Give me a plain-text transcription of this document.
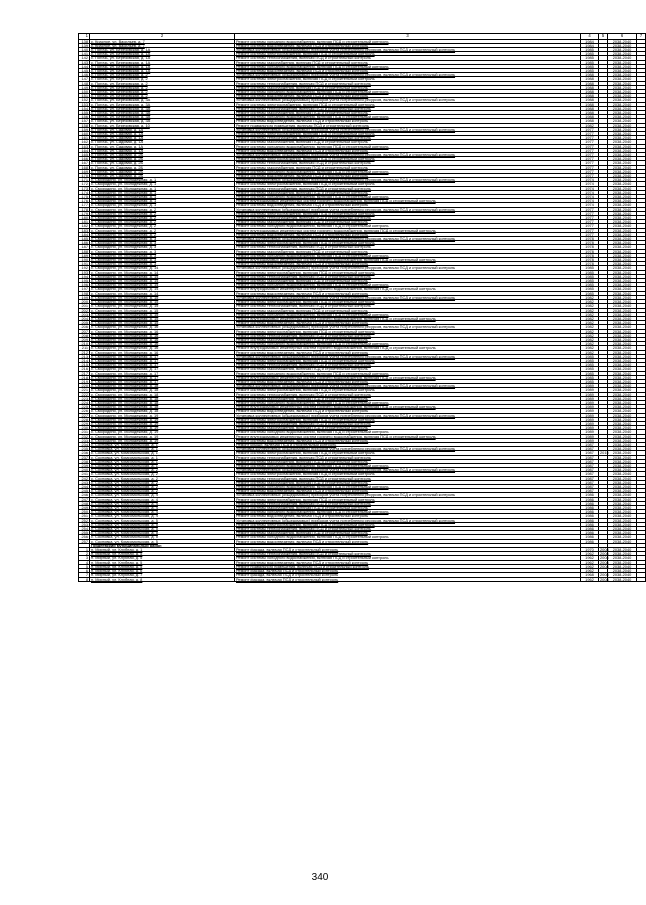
1	2	3	4	5	6	7
138	с. Красное, ул. Васильев, д. 7	Ремонт системы холодного водоснабжения, включая ПСД и строительный контроль	1984		2038-2040	
139	с. Красное, ул. Васильев, д. 7	Ремонт системы водоотведения, включая ПСД и строительный контроль	1984		2038-2040	
140	с. Погочь, ул. Березовская, д. 1А	Установка коллективных (общедомовых) приборов учета потребления ресурсов, включая ПСД и строительный контроль	1985		2038-2040	
141	с. Погочь, ул. Березовская, д. 1А	Ремонт системы электроснабжения, включая ПСД и строительный контроль	1985		2038-2040	
142	с. Погочь, ул. Березовская, д. 1А	Ремонт системы теплоснабжения, включая ПСД и строительный контроль	1985		2038-2040	
143	с. Погочь, ул. Березовская, д. 1А	Ремонт системы газоснабжения, включая ПСД и строительный контроль	1985		2038-2040	
144	с. Погочь, ул. Березовская, д. 1А	Ремонт системы холодного водоснабжения, включая ПСД и строительный контроль	1985		2038-2040	
145	с. Погочь, ул. Березовская, д. 1А	Ремонт системы водоотведения, включая ПСД и строительный контроль	1985		2038-2040	
146	с. Погочь, ул. Березовская, д. 2	Установка коллективных (общедомовых) приборов учета потребления ресурсов, включая ПСД и строительный контроль	1988		2038-2040	
147	с. Погочь, ул. Березовская, д. 2	Ремонт системы электроснабжения, включая ПСД и строительный контроль	1988		2038-2040	
148	с. Погочь, ул. Березовская, д. 2	Ремонт системы теплоснабжения, включая ПСД и строительный контроль	1988		2038-2040	
149	с. Погочь, ул. Березовская, д. 2	Ремонт системы газоснабжения, включая ПСД и строительный контроль	1988		2038-2040	
150	с. Погочь, ул. Березовская, д. 2	Ремонт системы холодного водоснабжения, включая ПСД и строительный контроль	1988		2038-2040	
151	с. Погочь, ул. Березовская, д. 2	Ремонт системы водоотведения, включая ПСД и строительный контроль	1988		2038-2040	
152	с. Погочь, ул. Березовская, д. 3А	Установка коллективных (общедомовых) приборов учета потребления ресурсов, включая ПСД и строительный контроль	1988		2038-2040	
153	с. Погочь, ул. Березовская, д. 3А	Ремонт системы электроснабжения, включая ПСД и строительный контроль	1988		2038-2040	
154	с. Погочь, ул. Березовская, д. 3А	Ремонт системы теплоснабжения, включая ПСД и строительный контроль	1988		2038-2040	
155	с. Погочь, ул. Березовская, д. 3А	Ремонт системы газоснабжения, включая ПСД и строительный контроль	1988		2038-2040	
156	с. Погочь, ул. Березовская, д. 3А	Ремонт системы холодного водоснабжения, включая ПСД и строительный контроль	1988		2038-2040	
157	с. Погочь, ул. Березовская, д. 3А	Ремонт системы водоотведения, включая ПСД и строительный контроль	1988		2038-2040	
158	с. Погочь, ул. Березовская, д. 10	Ремонт подвального помещения, включая ПСД и строительный контроль	1982		2038-2040	
159	с. Погочь, ул. Садовая, д. 1А	Установка коллективных (общедомовых) приборов учета потребления ресурсов, включая ПСД и строительный контроль	1977		2038-2040	
160	с. Погочь, ул. Садовая, д. 1А	Ремонт системы электроснабжения, включая ПСД и строительный контроль	1977		2038-2040	
161	с. Погочь, ул. Садовая, д. 1А	Ремонт системы теплоснабжения, включая ПСД и строительный контроль	1977		2038-2040	
162	с. Погочь, ул. Садовая, д. 1А	Ремонт системы газоснабжения, включая ПСД и строительный контроль	1977		2038-2040	
163	с. Погочь, ул. Садовая, д. 1А	Ремонт системы холодного водоснабжения, включая ПСД и строительный контроль	1977		2038-2040	
164	с. Погочь, ул. Садовая, д. 1А	Ремонт системы водоотведения, включая ПСД и строительный контроль	1977		2038-2040	
165	с. Погочь, ул. Садовая, д. 2Б	Установка коллективных (общедомовых) приборов учета потребления ресурсов, включая ПСД и строительный контроль	1977		2038-2040	
166	с. Погочь, ул. Садовая, д. 2Б	Ремонт системы электроснабжения, включая ПСД и строительный контроль	1977		2038-2040	
167	с. Погочь, ул. Садовая, д. 2Б	Ремонт системы теплоснабжения, включая ПСД и строительный контроль	1977		2038-2040	
168	с. Погочь, ул. Садовая, д. 2Б	Ремонт системы газоснабжения, включая ПСД и строительный контроль	1977		2038-2040	
169	с. Погочь, ул. Садовая, д. 2Б	Ремонт системы холодного водоснабжения, включая ПСД и строительный контроль	1977		2038-2040	
170	с. Погочь, ул. Садовая, д. 2Б	Ремонт системы водоотведения, включая ПСД и строительный контроль	1977		2038-2040	
171	с. Смородино, ул. Молодежная, д. 1	Установка коллективных (общедомовых) приборов учета потребления ресурсов, включая ПСД и строительный контроль	1974		2038-2040	
172	с. Смородино, ул. Молодежная, д. 1	Ремонт системы электроснабжения, включая ПСД и строительный контроль	1974		2038-2040	
173	с. Смородино, ул. Молодежная, д. 1	Ремонт системы теплоснабжения, включая ПСД и строительный контроль	1974		2038-2040	
174	с. Смородино, ул. Молодежная, д. 1	Ремонт системы газоснабжения, включая ПСД и строительный контроль	1974		2038-2040	
175	с. Смородино, ул. Молодежная, д. 1	Ремонт системы холодного водоснабжения, включая ПСД и строительный контроль	1974		2038-2040	
176	с. Смородино, ул. Молодежная, д. 1	Ремонт внутридомовых инженерных систем горячего водоснабжения, включая ПСД и строительный контроль	1974		2038-2040	
177	с. Смородино, ул. Молодежная, д. 1	Ремонт системы водоотведения, включая ПСД и строительный контроль	1974		2038-2040	
178	с. Смородино, ул. Молодежная, д. 2	Установка коллективных (общедомовых) приборов учета потребления ресурсов, включая ПСД и строительный контроль	1977		2038-2040	
179	с. Смородино, ул. Молодежная, д. 2	Ремонт системы электроснабжения, включая ПСД и строительный контроль	1977		2038-2040	
180	с. Смородино, ул. Молодежная, д. 2	Ремонт системы теплоснабжения, включая ПСД и строительный контроль	1977		2038-2040	
181	с. Смородино, ул. Молодежная, д. 2	Ремонт системы газоснабжения, включая ПСД и строительный контроль	1977		2038-2040	
182	с. Смородино, ул. Молодежная, д. 2	Ремонт системы холодного водоснабжения, включая ПСД и строительный контроль	1977		2038-2040	
183	с. Смородино, ул. Молодежная, д. 2	Ремонт внутридомовых инженерных систем горячего водоснабжения, включая ПСД и строительный контроль	1977		2038-2040	
184	с. Смородино, ул. Молодежная, д. 2	Ремонт системы водоотведения, включая ПСД и строительный контроль	1977		2038-2040	
185	с. Смородино, ул. Молодежная, д. 3	Установка коллективных (общедомовых) приборов учета потребления ресурсов, включая ПСД и строительный контроль	1978		2038-2040	
186	с. Смородино, ул. Молодежная, д. 3	Ремонт системы электроснабжения, включая ПСД и строительный контроль	1978		2038-2040	
187	с. Смородино, ул. Молодежная, д. 3	Ремонт системы теплоснабжения, включая ПСД и строительный контроль	1978		2038-2040	
188	с. Смородино, ул. Молодежная, д. 3	Ремонт системы газоснабжения, включая ПСД и строительный контроль	1978		2038-2040	
189	с. Смородино, ул. Молодежная, д. 3	Ремонт системы холодного водоснабжения, включая ПСД и строительный контроль	1978		2038-2040	
190	с. Смородино, ул. Молодежная, д. 3	Ремонт внутридомовых инженерных систем горячего водоснабжения, включая ПСД и строительный контроль	1978		2038-2040	
191	с. Смородино, ул. Молодежная, д. 3	Ремонт системы водоотведения, включая ПСД и строительный контроль	1978		2038-2040	
192	с. Смородино, ул. Молодежная, д. 14	Установка коллективных (общедомовых) приборов учета потребления ресурсов, включая ПСД и строительный контроль	1985		2038-2040	
193	с. Смородино, ул. Молодежная, д. 14	Ремонт системы электроснабжения, включая ПСД и строительный контроль	1985		2038-2040	
194	с. Смородино, ул. Молодежная, д. 14	Ремонт системы теплоснабжения, включая ПСД и строительный контроль	1985		2038-2040	
195	с. Смородино, ул. Молодежная, д. 14	Ремонт системы газоснабжения, включая ПСД и строительный контроль	1985		2038-2040	
196	с. Смородино, ул. Молодежная, д. 14	Ремонт системы холодного водоснабжения, включая ПСД и строительный контроль	1985		2038-2040	
197	с. Смородино, ул. Молодежная, д. 14	Ремонт внутридомовых инженерных систем горячего водоснабжения, включая ПСД и строительный контроль	1985		2038-2040	
198	с. Смородино, ул. Молодежная, д. 14	Ремонт системы водоотведения, включая ПСД и строительный контроль	1985		2038-2040	
199	с. Смородино, ул. Молодежная, д. 15	Установка коллективных (общедомовых) приборов учета потребления ресурсов, включая ПСД и строительный контроль	1982		2038-2040	
200	с. Смородино, ул. Молодежная, д. 15	Ремонт системы электроснабжения, включая ПСД и строительный контроль	1982		2038-2040	
201	с. Смородино, ул. Молодежная, д. 15	Ремонт системы теплоснабжения, включая ПСД и строительный контроль	1982		2038-2040	
202	с. Смородино, ул. Молодежная, д. 15	Ремонт системы газоснабжения, включая ПСД и строительный контроль	1982		2038-2040	
203	с. Смородино, ул. Молодежная, д. 15	Ремонт системы холодного водоснабжения, включая ПСД и строительный контроль	1982		2038-2040	
204	с. Смородино, ул. Молодежная, д. 15	Ремонт внутридомовых инженерных систем горячего водоснабжения, включая ПСД и строительный контроль	1982		2038-2040	
205	с. Смородино, ул. Молодежная, д. 15	Ремонт системы водоотведения, включая ПСД и строительный контроль	1982		2038-2040	
206	с. Смородино, ул. Молодежная, д. 16	Установка коллективных (общедомовых) приборов учета потребления ресурсов, включая ПСД и строительный контроль	1982		2038-2040	
207	с. Смородино, ул. Молодежная, д. 16	Ремонт системы электроснабжения, включая ПСД и строительный контроль	1982		2038-2040	
208	с. Смородино, ул. Молодежная, д. 16	Ремонт системы теплоснабжения, включая ПСД и строительный контроль	1982		2038-2040	
209	с. Смородино, ул. Молодежная, д. 16	Ремонт системы газоснабжения, включая ПСД и строительный контроль	1982		2038-2040	
210	с. Смородино, ул. Молодежная, д. 16	Ремонт системы холодного водоснабжения, включая ПСД и строительный контроль	1982		2038-2040	
211	с. Смородино, ул. Молодежная, д. 16	Ремонт внутридомовых инженерных систем горячего водоснабжения, включая ПСД и строительный контроль	1982		2038-2040	
212	с. Смородино, ул. Молодежная, д. 16	Ремонт системы водоотведения, включая ПСД и строительный контроль	1982		2038-2040	
213	с. Смородино, ул. Молодежная, д. 17	Установка коллективных (общедомовых) приборов учета потребления ресурсов, включая ПСД и строительный контроль	1985		2038-2040	
214	с. Смородино, ул. Молодежная, д. 17	Ремонт системы электроснабжения, включая ПСД и строительный контроль	1985		2038-2040	
215	с. Смородино, ул. Молодежная, д. 17	Ремонт системы теплоснабжения, включая ПСД и строительный контроль	1985		2038-2040	
216	с. Смородино, ул. Молодежная, д. 17	Ремонт системы газоснабжения, включая ПСД и строительный контроль	1985		2038-2040	
217	с. Смородино, ул. Молодежная, д. 17	Ремонт системы холодного водоснабжения, включая ПСД и строительный контроль	1985		2038-2040	
218	с. Смородино, ул. Молодежная, д. 17	Ремонт внутридомовых инженерных систем горячего водоснабжения, включая ПСД и строительный контроль	1985		2038-2040	
219	с. Смородино, ул. Молодежная, д. 17	Ремонт системы водоотведения, включая ПСД и строительный контроль	1985		2038-2040	
220	с. Смородино, ул. Молодежная, д. 18	Установка коллективных (общедомовых) приборов учета потребления ресурсов, включая ПСД и строительный контроль	1989		2038-2040	
221	с. Смородино, ул. Молодежная, д. 18	Ремонт системы электроснабжения, включая ПСД и строительный контроль	1989		2038-2040	
222	с. Смородино, ул. Молодежная, д. 18	Ремонт системы теплоснабжения, включая ПСД и строительный контроль	1989		2038-2040	
223	с. Смородино, ул. Молодежная, д. 18	Ремонт системы газоснабжения, включая ПСД и строительный контроль	1989		2038-2040	
224	с. Смородино, ул. Молодежная, д. 18	Ремонт системы холодного водоснабжения, включая ПСД и строительный контроль	1989		2038-2040	
225	с. Смородино, ул. Молодежная, д. 18	Ремонт внутридомовых инженерных систем горячего водоснабжения, включая ПСД и строительный контроль	1989		2038-2040	
226	с. Смородино, ул. Молодежная, д. 18	Ремонт системы водоотведения, включая ПСД и строительный контроль	1989		2038-2040	
227	с. Смородино, ул. Молодежная, д. 19	Установка коллективных (общедомовых) приборов учета потребления ресурсов, включая ПСД и строительный контроль	1989		2038-2040	
228	с. Смородино, ул. Молодежная, д. 19	Ремонт системы электроснабжения, включая ПСД и строительный контроль	1989		2038-2040	
229	с. Смородино, ул. Молодежная, д. 19	Ремонт системы теплоснабжения, включая ПСД и строительный контроль	1989		2038-2040	
230	с. Смородино, ул. Молодежная, д. 19	Ремонт системы газоснабжения, включая ПСД и строительный контроль	1989		2038-2040	
231	с. Смородино, ул. Молодежная, д. 19	Ремонт системы холодного водоснабжения, включая ПСД и строительный контроль	1989		2038-2040	
232	с. Смородино, ул. Молодежная, д. 19	Ремонт внутридомовых инженерных систем горячего водоснабжения, включая ПСД и строительный контроль	1989		2038-2040	
233	с. Смородино, ул. Молодежная, д. 19	Ремонт системы водоотведения, включая ПСД и строительный контроль	1989		2038-2040	
234	с. Сосновка, ул. Комсомольская, д. 1	Ремонт крыши, включая ПСД и строительный контроль	1987		2038-2040	
235	с. Сосновка, ул. Комсомольская, д. 1	Установка коллективных (общедомовых) приборов учета потребления ресурсов, включая ПСД и строительный контроль	1987		2038-2040	
236	с. Сосновка, ул. Комсомольская, д. 1	Ремонт системы электроснабжения, включая ПСД и строительный контроль	1987	2015	2038-2040	
237	с. Сосновка, ул. Комсомольская, д. 1	Ремонт системы теплоснабжения, включая ПСД и строительный контроль	1987		2038-2040	
238	с. Сосновка, ул. Комсомольская, д. 1	Ремонт системы газоснабжения, включая ПСД и строительный контроль	1987		2038-2040	
239	с. Сосновка, ул. Комсомольская, д. 1	Ремонт системы холодного водоснабжения, включая ПСД и строительный контроль	1987		2038-2040	
240	с. Сосновка, ул. Комсомольская, д. 2	Установка коллективных (общедомовых) приборов учета потребления ресурсов, включая ПСД и строительный контроль	1987		2038-2040	
241	с. Сосновка, ул. Комсомольская, д. 2	Ремонт системы электроснабжения, включая ПСД и строительный контроль	1987		2038-2040	
242	с. Сосновка, ул. Комсомольская, д. 2	Ремонт системы теплоснабжения, включая ПСД и строительный контроль	1987		2038-2040	
243	с. Сосновка, ул. Комсомольская, д. 2	Ремонт системы газоснабжения, включая ПСД и строительный контроль	1987		2038-2040	
244	с. Сосновка, ул. Комсомольская, д. 2	Ремонт системы холодного водоснабжения, включая ПСД и строительный контроль	1987		2038-2040	
245	с. Сосновка, ул. Комсомольская, д. 2	Ремонт системы водоотведения, включая ПСД и строительный контроль	1987		2038-2040	
246	с. Сосновка, ул. Комсомольская, д. 4	Установка коллективных (общедомовых) приборов учета потребления ресурсов, включая ПСД и строительный контроль	1986		2038-2040	
247	с. Сосновка, ул. Комсомольская, д. 4	Ремонт системы электроснабжения, включая ПСД и строительный контроль	1986		2038-2040	
248	с. Сосновка, ул. Комсомольская, д. 4	Ремонт системы теплоснабжения, включая ПСД и строительный контроль	1986		2038-2040	
249	с. Сосновка, ул. Комсомольская, д. 4	Ремонт системы газоснабжения, включая ПСД и строительный контроль	1986		2038-2040	
250	с. Сосновка, ул. Комсомольская, д. 4	Ремонт системы холодного водоснабжения, включая ПСД и строительный контроль	1986		2038-2040	
251	с. Сосновка, ул. Комсомольская, д. 4	Ремонт системы водоотведения, включая ПСД и строительный контроль	1986		2038-2040	
252	с. Сосновка, ул. Комсомольская, д. 5	Установка коллективных (общедомовых) приборов учета потребления ресурсов, включая ПСД и строительный контроль	1986		2038-2040	
253	с. Сосновка, ул. Комсомольская, д. 5	Ремонт системы электроснабжения, включая ПСД и строительный контроль	1986		2038-2040	
254	с. Сосновка, ул. Комсомольская, д. 5	Ремонт системы теплоснабжения, включая ПСД и строительный контроль	1986		2038-2040	
255	с. Сосновка, ул. Комсомольская, д. 5	Ремонт системы газоснабжения, включая ПСД и строительный контроль	1986		2038-2040	
256	с. Сосновка, ул. Комсомольская, д. 5	Ремонт системы холодного водоснабжения, включая ПСД и строительный контроль	1986		2038-2040	
257	с. Сосновка, ул. Комсомольская, д. 5	Ремонт системы водоотведения, включая ПСД и строительный контроль	1986		2038-2040	
	Гордеевский муниципальный район					
1	п. Мирный, ул. Клубная, д. 1	Ремонт фасада, включая ПСД и строительный контроль	1970	2008	2038-2040	
2	п. Мирный, ул. Клубная, д. 5	Ремонт системы теплоснабжения, включая ПСД и строительный контроль	1962	2008	2038-2040	
3	п. Мирный, ул. Клубная, д. 5	Ремонт системы холодного водоснабжения, включая ПСД и строительный контроль	1962	2008	2038-2040	
4	п. Мирный, ул. Клубная, д. 5	Ремонт системы водоотведения, включая ПСД и строительный контроль	1962	2008	2038-2040	
5	п. Мирный, ул. Клубная, д. 5	Ремонт подвального помещения, включая ПСД и строительный контроль	1962	2008	2038-2040	
6	п. Мирный, ул. Клубная, д. 6	Ремонт фасада, включая ПСД и строительный контроль	1962		2038-2040	
7	п. Мирный, ул. Клубная, д. 7	Ремонт фасада, включая ПСД и строительный контроль	1968	2008	2038-2040	
8	п. Мирный, ул. Клубная, д. 8	Ремонт фасада, включая ПСД и строительный контроль	1962	2008	2038-2040	
340
